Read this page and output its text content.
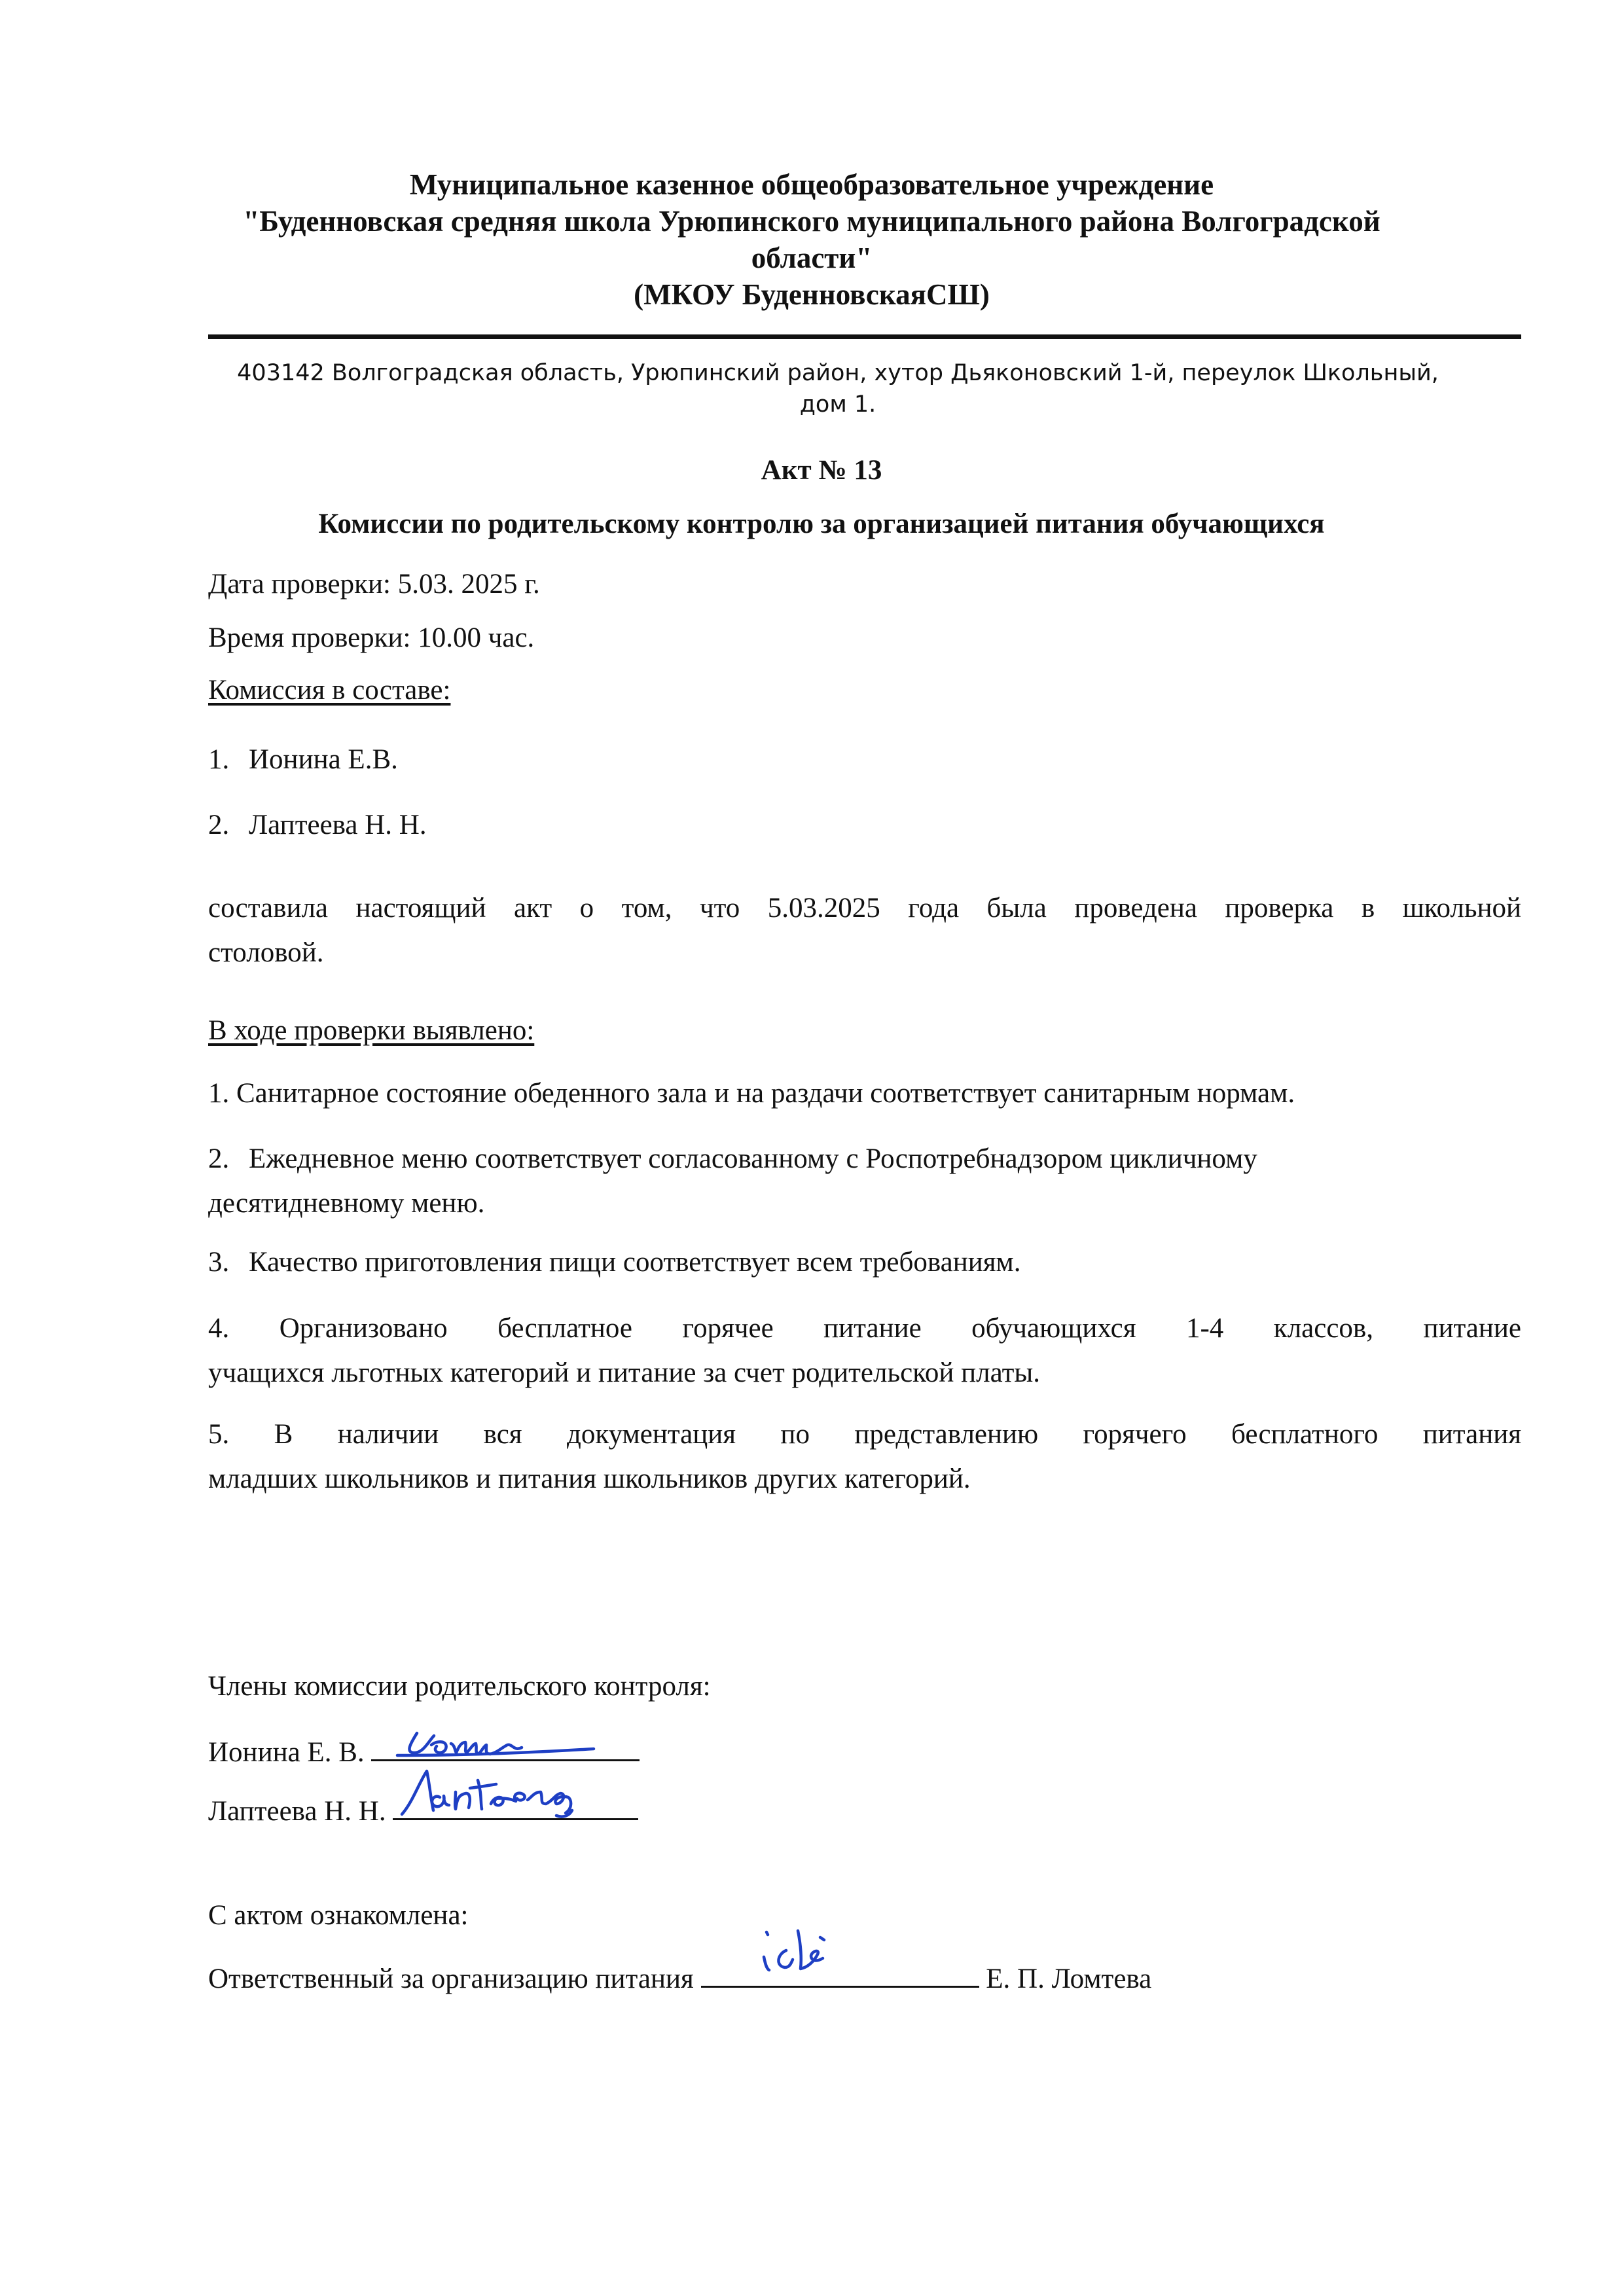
Муниципальное казенное общеобразовательное учреждение
"Буденновская средняя школа Урюпинского муниципального района Волгоградской
области"
(МКОУ БуденновскаяСШ)
403142 Волгоградская область, Урюпинский район, хутор Дьяконовский 1-й, переулок Школьный,
дом 1.
Акт № 13
Комиссии по родительскому контролю за организацией питания обучающихся
Дата проверки: 5.03. 2025 г.
Время проверки: 10.00 час.
Комиссия в составе:
1. Ионина Е.В.
2. Лаптеева Н. Н.
составила настоящий акт о том, что 5.03.2025 года была проведена проверка в школьной
столовой.
В ходе проверки выявлено:
1. Санитарное состояние обеденного зала и на раздачи соответствует санитарным нормам.
2. Ежедневное меню соответствует согласованному с Роспотребнадзором цикличному
десятидневному меню.
3. Качество приготовления пищи соответствует всем требованиям.
4. Организовано бесплатное горячее питание обучающихся 1-4 классов, питание
учащихся льготных категорий и питание за счет родительской платы.
5. В наличии вся документация по представлению горячего бесплатного питания
младших школьников и питания школьников других категорий.
Члены комиссии родительского контроля:
Ионина Е. В.
Лаптеева Н. Н.
С актом ознакомлена:
Ответственный за организацию питания	Е. П. Ломтева
